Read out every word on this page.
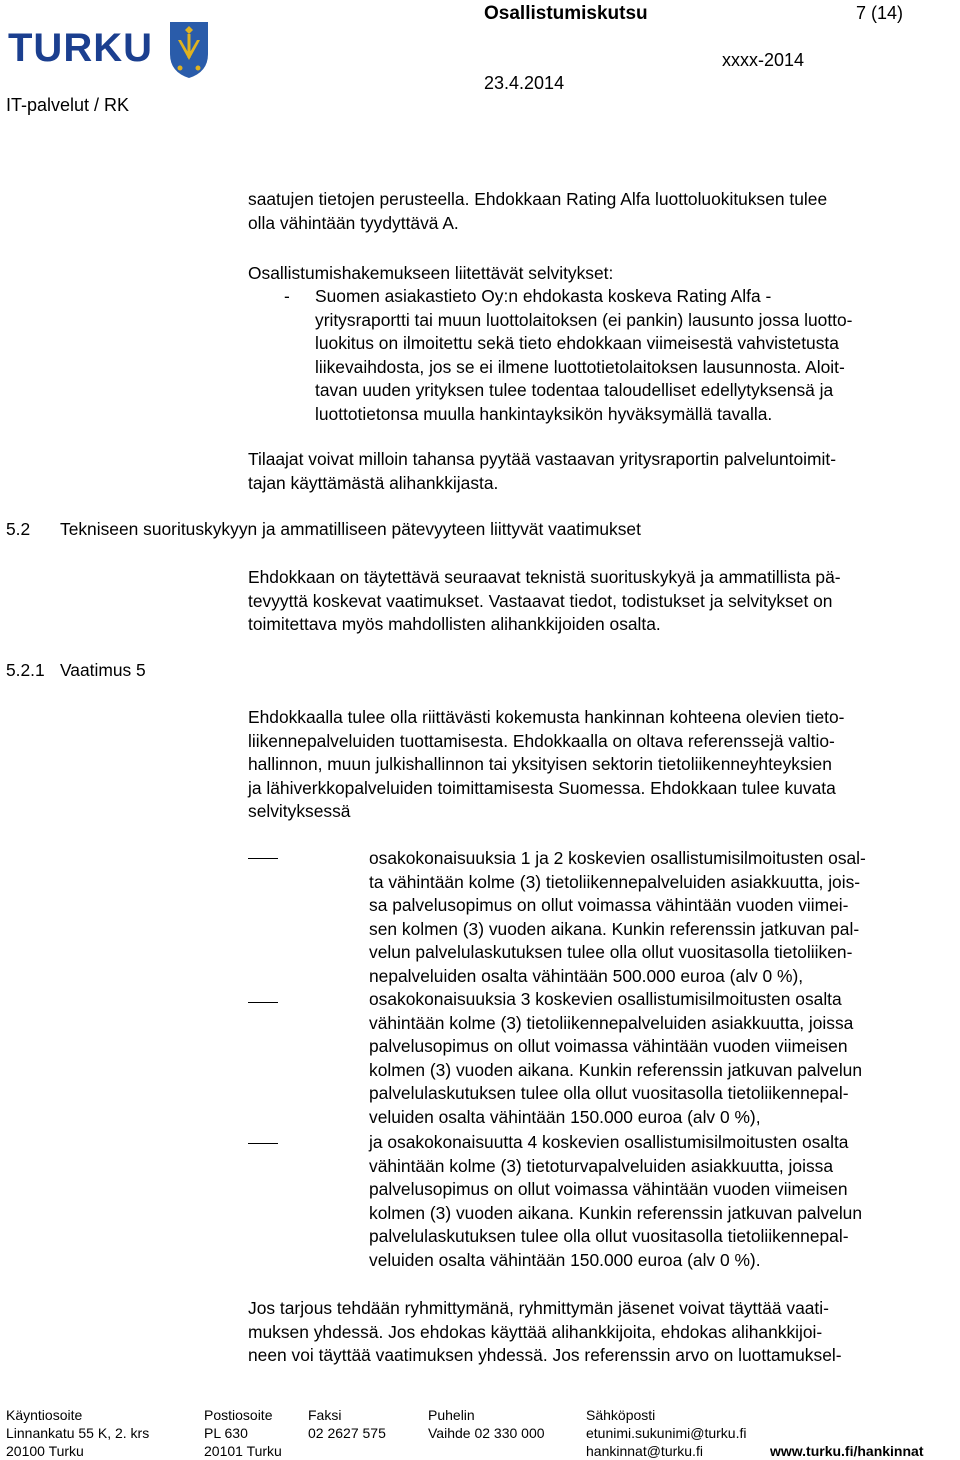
TURKU
IT-palvelut / RK
Osallistumiskutsu	7 (14)
23.4.2014
xxxx-2014
saatujen tietojen perusteella. Ehdokkaan Rating Alfa luottoluokituksen tulee
olla vähintään tyydyttävä A.
Osallistumishakemukseen liitettävät selvitykset:
- Suomen asiakastieto Oy:n ehdokasta koskeva Rating Alfa -
yritysraportti tai muun luottolaitoksen (ei pankin) lausunto jossa luotto-
luokitus on ilmoitettu sekä tieto ehdokkaan viimeisestä vahvistetusta
liikevaihdosta, jos se ei ilmene luottotietolaitoksen lausunnosta. Aloit-
tavan uuden yrityksen tulee todentaa taloudelliset edellytyksensä ja
luottotietonsa muulla hankintayksikön hyväksymällä tavalla.
Tilaajat voivat milloin tahansa pyytää vastaavan yritysraportin palveluntoimit-
tajan käyttämästä alihankkijasta.
5.2 Tekniseen suorituskykyyn ja ammatilliseen pätevyyteen liittyvät vaatimukset
Ehdokkaan on täytettävä seuraavat teknistä suorituskykyä ja ammatillista pä-
tevyyttä koskevat vaatimukset. Vastaavat tiedot, todistukset ja selvitykset on
toimitettava myös mahdollisten alihankkijoiden osalta.
5.2.1 Vaatimus 5
Ehdokkaalla tulee olla riittävästi kokemusta hankinnan kohteena olevien tieto-
liikennepalveluiden tuottamisesta. Ehdokkaalla on oltava referenssejä valtio-
hallinnon, muun julkishallinnon tai yksityisen sektorin tietoliikenneyhteyksien
ja lähiverkkopalveluiden toimittamisesta Suomessa. Ehdokkaan tulee kuvata
selvityksessä
osakokonaisuuksia 1 ja 2 koskevien osallistumisilmoitusten osal-
ta vähintään kolme (3) tietoliikennepalveluiden asiakkuutta, jois-
sa palvelusopimus on ollut voimassa vähintään vuoden viimei-
sen kolmen (3) vuoden aikana. Kunkin referenssin jatkuvan pal-
velun palvelulaskutuksen tulee olla ollut vuositasolla tietoliiken-
nepalveluiden osalta vähintään 500.000 euroa (alv 0 %),
osakokonaisuuksia 3 koskevien osallistumisilmoitusten osalta
vähintään kolme (3) tietoliikennepalveluiden asiakkuutta, joissa
palvelusopimus on ollut voimassa vähintään vuoden viimeisen
kolmen (3) vuoden aikana. Kunkin referenssin jatkuvan palvelun
palvelulaskutuksen tulee olla ollut vuositasolla tietoliikennepal-
veluiden osalta vähintään 150.000 euroa (alv 0 %),
ja osakokonaisuutta 4 koskevien osallistumisilmoitusten osalta
vähintään kolme (3) tietoturvapalveluiden asiakkuutta, joissa
palvelusopimus on ollut voimassa vähintään vuoden viimeisen
kolmen (3) vuoden aikana. Kunkin referenssin jatkuvan palvelun
palvelulaskutuksen tulee olla ollut vuositasolla tietoliikennepal-
veluiden osalta vähintään 150.000 euroa (alv 0 %).
Jos tarjous tehdään ryhmittymänä, ryhmittymän jäsenet voivat täyttää vaati-
muksen yhdessä. Jos ehdokas käyttää alihankkijoita, ehdokas alihankkijoi-
neen voi täyttää vaatimuksen yhdessä. Jos referenssin arvo on luottamuksel-
Käyntiosoite
Linnankatu 55 K, 2. krs
20100 Turku
Postiosoite
PL 630
20101 Turku
Faksi
02 2627 575
Puhelin
Vaihde 02 330 000
Sähköposti
etunimi.sukunimi@turku.fi
hankinnat@turku.fi	www.turku.fi/hankinnat
